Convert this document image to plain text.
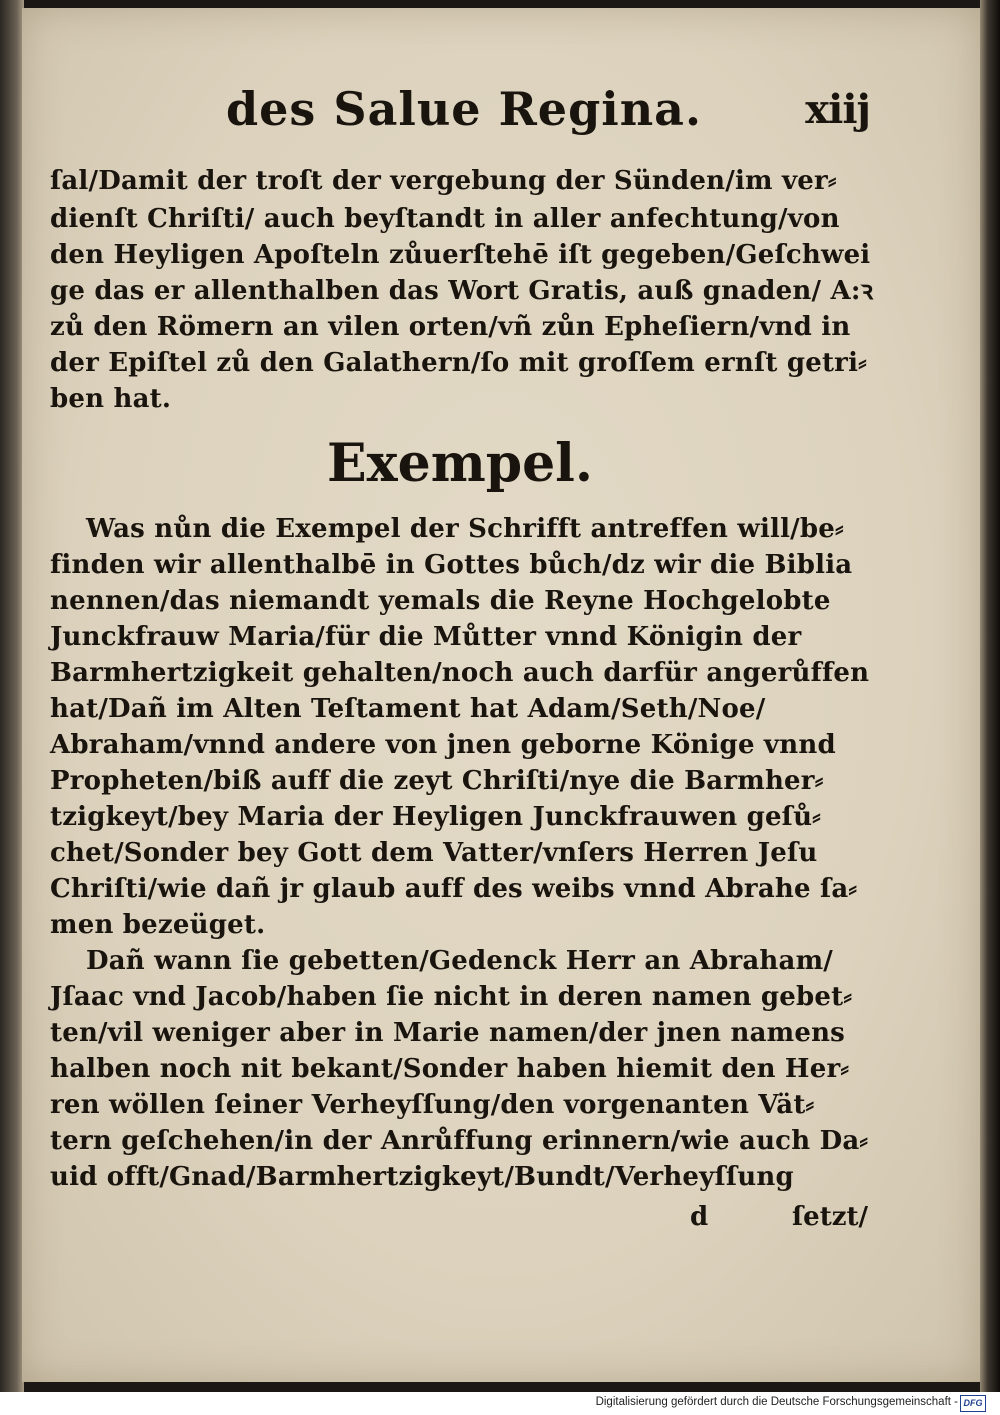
des Salue Regina.	xiij
ſal/Damit der troſt der vergebung der Sünden/im ver⸗
dienſt Chriſti/ auch beyſtandt in aller anfechtung/von
den Heyligen Apoſteln zůuerſtehē iſt gegeben/Geſchwei
ge das er allenthalben das Wort Gratis, auß gnaden/ A:ꝛ
zů den Römern an vilen orten/vñ zůn Epheſiern/vnd in
der Epiſtel zů den Galathern/ſo mit groſſem ernſt getri⸗
ben hat.
Exempel.
Was nůn die Exempel der Schrifft antreffen will/be⸗
finden wir allenthalbē in Gottes bůch/dz wir die Biblia
nennen/das niemandt yemals die Reyne Hochgelobte
Junckfrauw Maria/für die Můtter vnnd Königin der
Barmhertzigkeit gehalten/noch auch darfür angerůffen
hat/Dañ im Alten Teſtament hat Adam/Seth/Noe/
Abraham/vnnd andere von jnen geborne Könige vnnd
Propheten/biß auff die zeyt Chriſti/nye die Barmher⸗
tzigkeyt/bey Maria der Heyligen Junckfrauwen geſů⸗
chet/Sonder bey Gott dem Vatter/vnſers Herren Jeſu
Chriſti/wie dañ jr glaub auff des weibs vnnd Abrahe ſa⸗
men bezeüget.
Dañ wann ſie gebetten/Gedenck Herr an Abraham/
Jſaac vnd Jacob/haben ſie nicht in deren namen gebet⸗
ten/vil weniger aber in Marie namen/der jnen namens
halben noch nit bekant/Sonder haben hiemit den Her⸗
ren wöllen ſeiner Verheyſſung/den vorgenanten Vät⸗
tern geſchehen/in der Anrůffung erinnern/wie auch Da⸗
uid offt/Gnad/Barmhertzigkeyt/Bundt/Verheyſſung
d	ſetzt/
Digitalisierung gefördert durch die Deutsche Forschungsgemeinschaft - DFG
